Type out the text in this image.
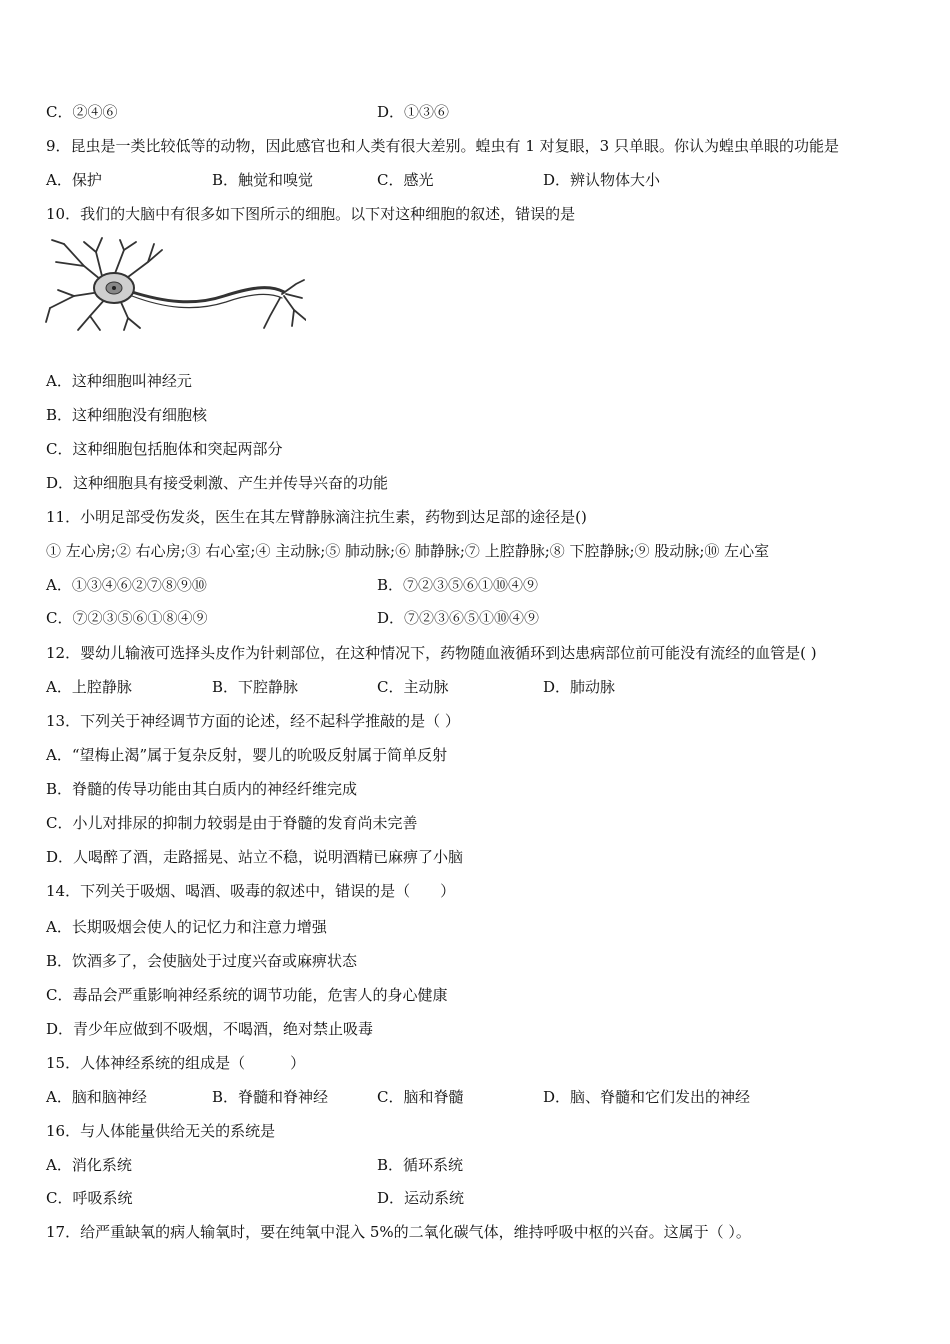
C．②④⑥	D．①③⑥
9．昆虫是一类比较低等的动物，因此感官也和人类有很大差别。蝗虫有 1 对复眼，3 只单眼。你认为蝗虫单眼的功能是
A．保护	B．触觉和嗅觉	C．感光	D．辨认物体大小
10．我们的大脑中有很多如下图所示的细胞。以下对这种细胞的叙述，错误的是
A．这种细胞叫神经元
B．这种细胞没有细胞核
C．这种细胞包括胞体和突起两部分
D．这种细胞具有接受刺激、产生并传导兴奋的功能
11．小明足部受伤发炎，医生在其左臂静脉滴注抗生素，药物到达足部的途径是()
① 左心房;② 右心房;③ 右心室;④ 主动脉;⑤ 肺动脉;⑥ 肺静脉;⑦ 上腔静脉;⑧ 下腔静脉;⑨ 股动脉;⑩ 左心室
A．①③④⑥②⑦⑧⑨⑩	B．⑦②③⑤⑥①⑩④⑨
C．⑦②③⑤⑥①⑧④⑨	D．⑦②③⑥⑤①⑩④⑨
12．婴幼儿输液可选择头皮作为针刺部位，在这种情况下，药物随血液循环到达患病部位前可能没有流经的血管是( )
A．上腔静脉	B．下腔静脉	C．主动脉	D．肺动脉
13．下列关于神经调节方面的论述，经不起科学推敲的是（ ）
A．“望梅止渴”属于复杂反射，婴儿的吮吸反射属于简单反射
B．脊髓的传导功能由其白质内的神经纤维完成
C．小儿对排尿的抑制力较弱是由于脊髓的发育尚未完善
D．人喝醉了酒，走路摇晃、站立不稳，说明酒精已麻痹了小脑
14．下列关于吸烟、喝酒、吸毒的叙述中，错误的是（　　）
A．长期吸烟会使人的记忆力和注意力增强
B．饮酒多了，会使脑处于过度兴奋或麻痹状态
C．毒品会严重影响神经系统的调节功能，危害人的身心健康
D．青少年应做到不吸烟，不喝酒，绝对禁止吸毒
15．人体神经系统的组成是（　　　）
A．脑和脑神经	B．脊髓和脊神经	C．脑和脊髓	D．脑、脊髓和它们发出的神经
16．与人体能量供给无关的系统是
A．消化系统	B．循环系统
C．呼吸系统	D．运动系统
17．给严重缺氧的病人输氧时，要在纯氧中混入 5%的二氧化碳气体，维持呼吸中枢的兴奋。这属于（ ）。
